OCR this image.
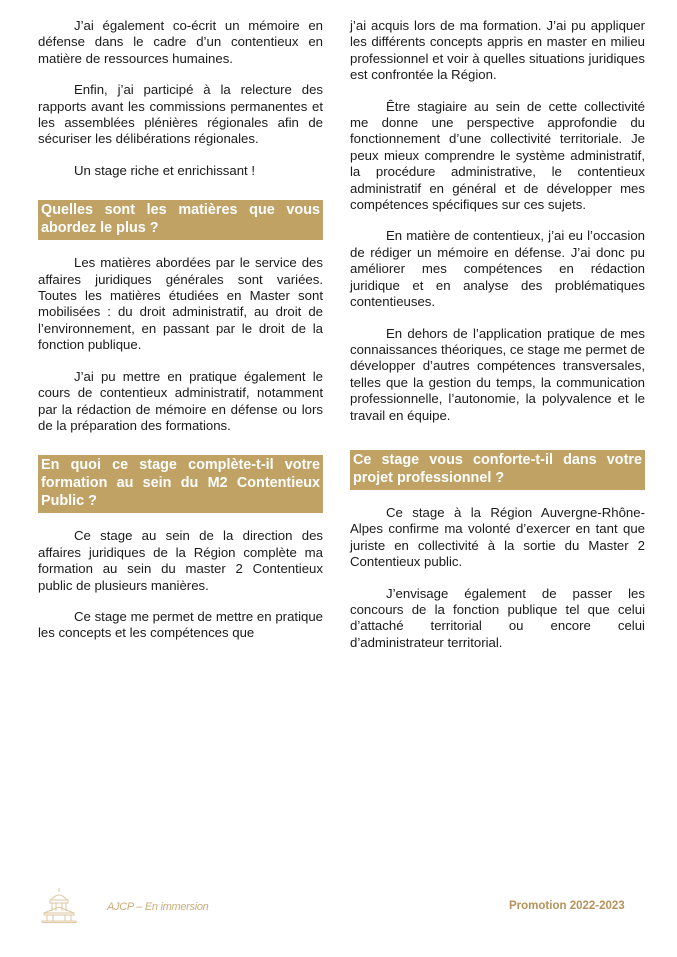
J’ai également co-écrit un mémoire en défense dans le cadre d’un contentieux en matière de ressources humaines.

Enfin, j’ai participé à la relecture des rapports avant les commissions permanentes et les assemblées plénières régionales afin de sécuriser les délibérations régionales.

Un stage riche et enrichissant !

Quelles sont les matières que vous abordez le plus ?

Les matières abordées par le service des affaires juridiques générales sont variées. Toutes les matières étudiées en Master sont mobilisées : du droit administratif, au droit de l’environnement, en passant par le droit de la fonction publique.

J’ai pu mettre en pratique également le cours de contentieux administratif, notamment par la rédaction de mémoire en défense ou lors de la préparation des formations.

En quoi ce stage complète-t-il votre formation au sein du M2 Contentieux Public ?

Ce stage au sein de la direction des affaires juridiques de la Région complète ma formation au sein du master 2 Contentieux public de plusieurs manières.

Ce stage me permet de mettre en pratique les concepts et les compétences que

j’ai acquis lors de ma formation. J’ai pu appliquer les différents concepts appris en master en milieu professionnel et voir à quelles situations juridiques est confrontée la Région.

Être stagiaire au sein de cette collectivité me donne une perspective approfondie du fonctionnement d’une collectivité territoriale. Je peux mieux comprendre le système administratif, la procédure administrative, le contentieux administratif en général et de développer mes compétences spécifiques sur ces sujets.

En matière de contentieux, j’ai eu l’occasion de rédiger un mémoire en défense. J’ai donc pu améliorer mes compétences en rédaction juridique et en analyse des problématiques contentieuses.

En dehors de l’application pratique de mes connaissances théoriques, ce stage me permet de développer d’autres compétences transversales, telles que la gestion du temps, la communication professionnelle, l’autonomie, la polyvalence et le travail en équipe.

Ce stage vous conforte-t-il dans votre projet professionnel ?

Ce stage à la Région Auvergne-Rhône-Alpes confirme ma volonté d’exercer en tant que juriste en collectivité à la sortie du Master 2 Contentieux public.

J’envisage également de passer les concours de la fonction publique tel que celui d’attaché territorial ou encore celui d’administrateur territorial.

AJCP – En immersion	Promotion 2022-2023
